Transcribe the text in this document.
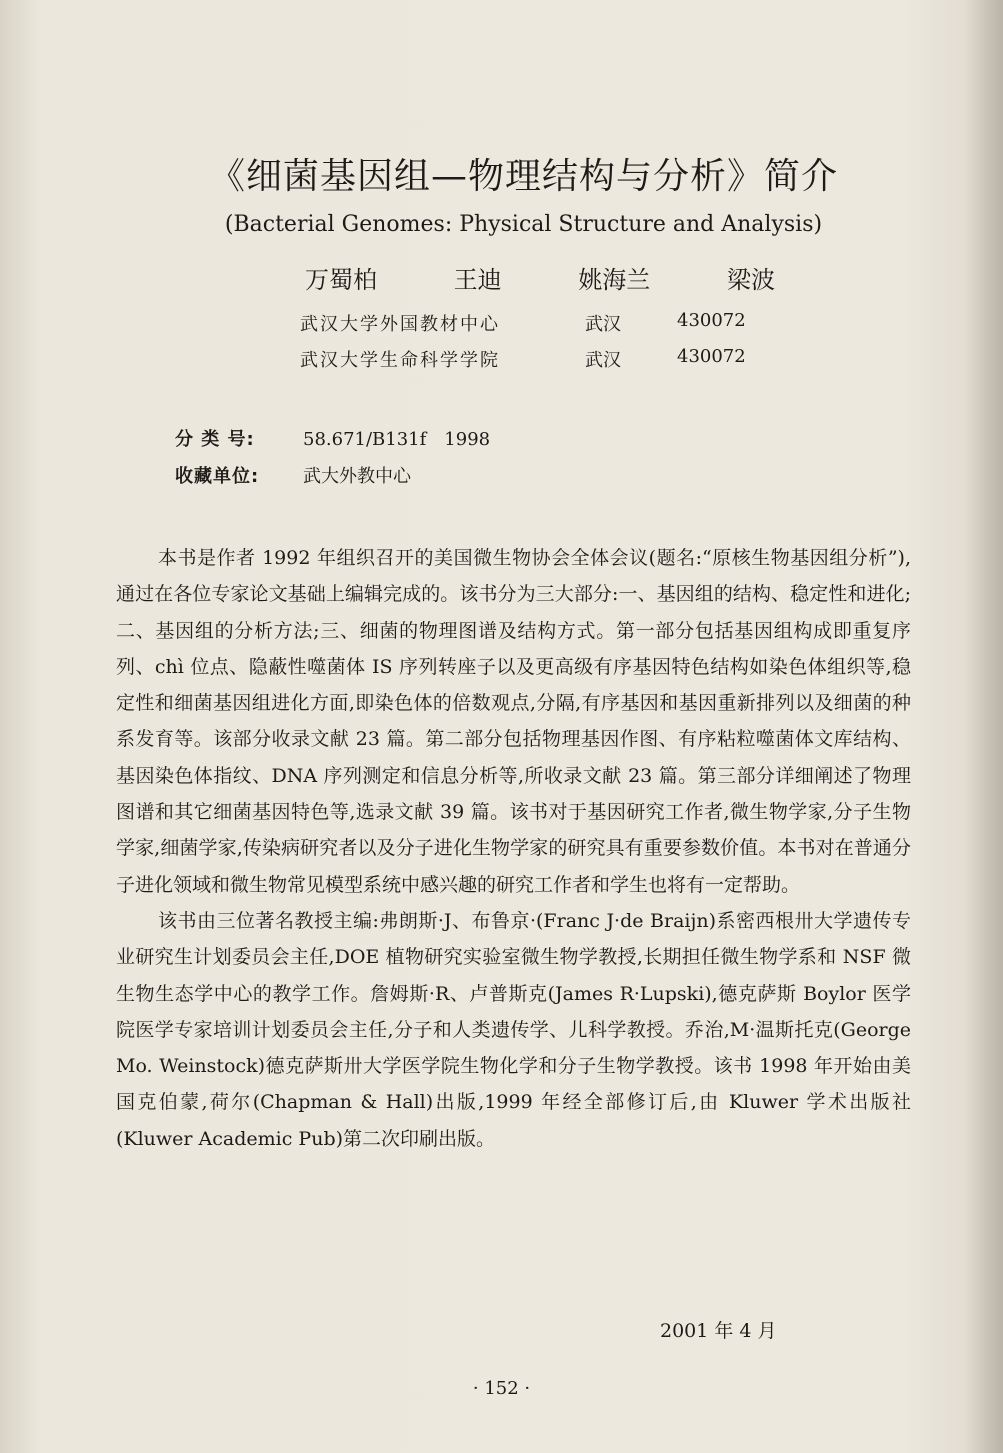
《细菌基因组—物理结构与分析》简介
(Bacterial Genomes: Physical Structure and Analysis)
万蜀柏	王迪	姚海兰	梁波
武汉大学外国教材中心	武汉	430072
武汉大学生命科学学院	武汉	430072
分 类 号:	58.671/B131f　1998
收藏单位:	武大外教中心

本书是作者 1992 年组织召开的美国微生物协会全体会议(题名:“原核生物基因组分析”),通过在各位专家论文基础上编辑完成的。该书分为三大部分:一、基因组的结构、稳定性和进化;二、基因组的分析方法;三、细菌的物理图谱及结构方式。第一部分包括基因组构成即重复序列、chì 位点、隐蔽性噬菌体 IS 序列转座子以及更高级有序基因特色结构如染色体组织等,稳定性和细菌基因组进化方面,即染色体的倍数观点,分隔,有序基因和基因重新排列以及细菌的种系发育等。该部分收录文献 23 篇。第二部分包括物理基因作图、有序粘粒噬菌体文库结构、基因染色体指纹、DNA 序列测定和信息分析等,所收录文献 23 篇。第三部分详细阐述了物理图谱和其它细菌基因特色等,选录文献 39 篇。该书对于基因研究工作者,微生物学家,分子生物学家,细菌学家,传染病研究者以及分子进化生物学家的研究具有重要参数价值。本书对在普通分子进化领域和微生物常见模型系统中感兴趣的研究工作者和学生也将有一定帮助。

该书由三位著名教授主编:弗朗斯·J、布鲁京·(Franc J·de Braijn)系密西根卅大学遗传专业研究生计划委员会主任,DOE 植物研究实验室微生物学教授,长期担任微生物学系和 NSF 微生物生态学中心的教学工作。詹姆斯·R、卢普斯克(James R·Lupski),德克萨斯 Boylor 医学院医学专家培训计划委员会主任,分子和人类遗传学、儿科学教授。乔治,M·温斯托克(George Mo. Weinstock)德克萨斯卅大学医学院生物化学和分子生物学教授。该书 1998 年开始由美国克伯蒙,荷尔(Chapman & Hall)出版,1999 年经全部修订后,由 Kluwer 学术出版社(Kluwer Academic Pub)第二次印刷出版。

2001 年 4 月
· 152 ·
